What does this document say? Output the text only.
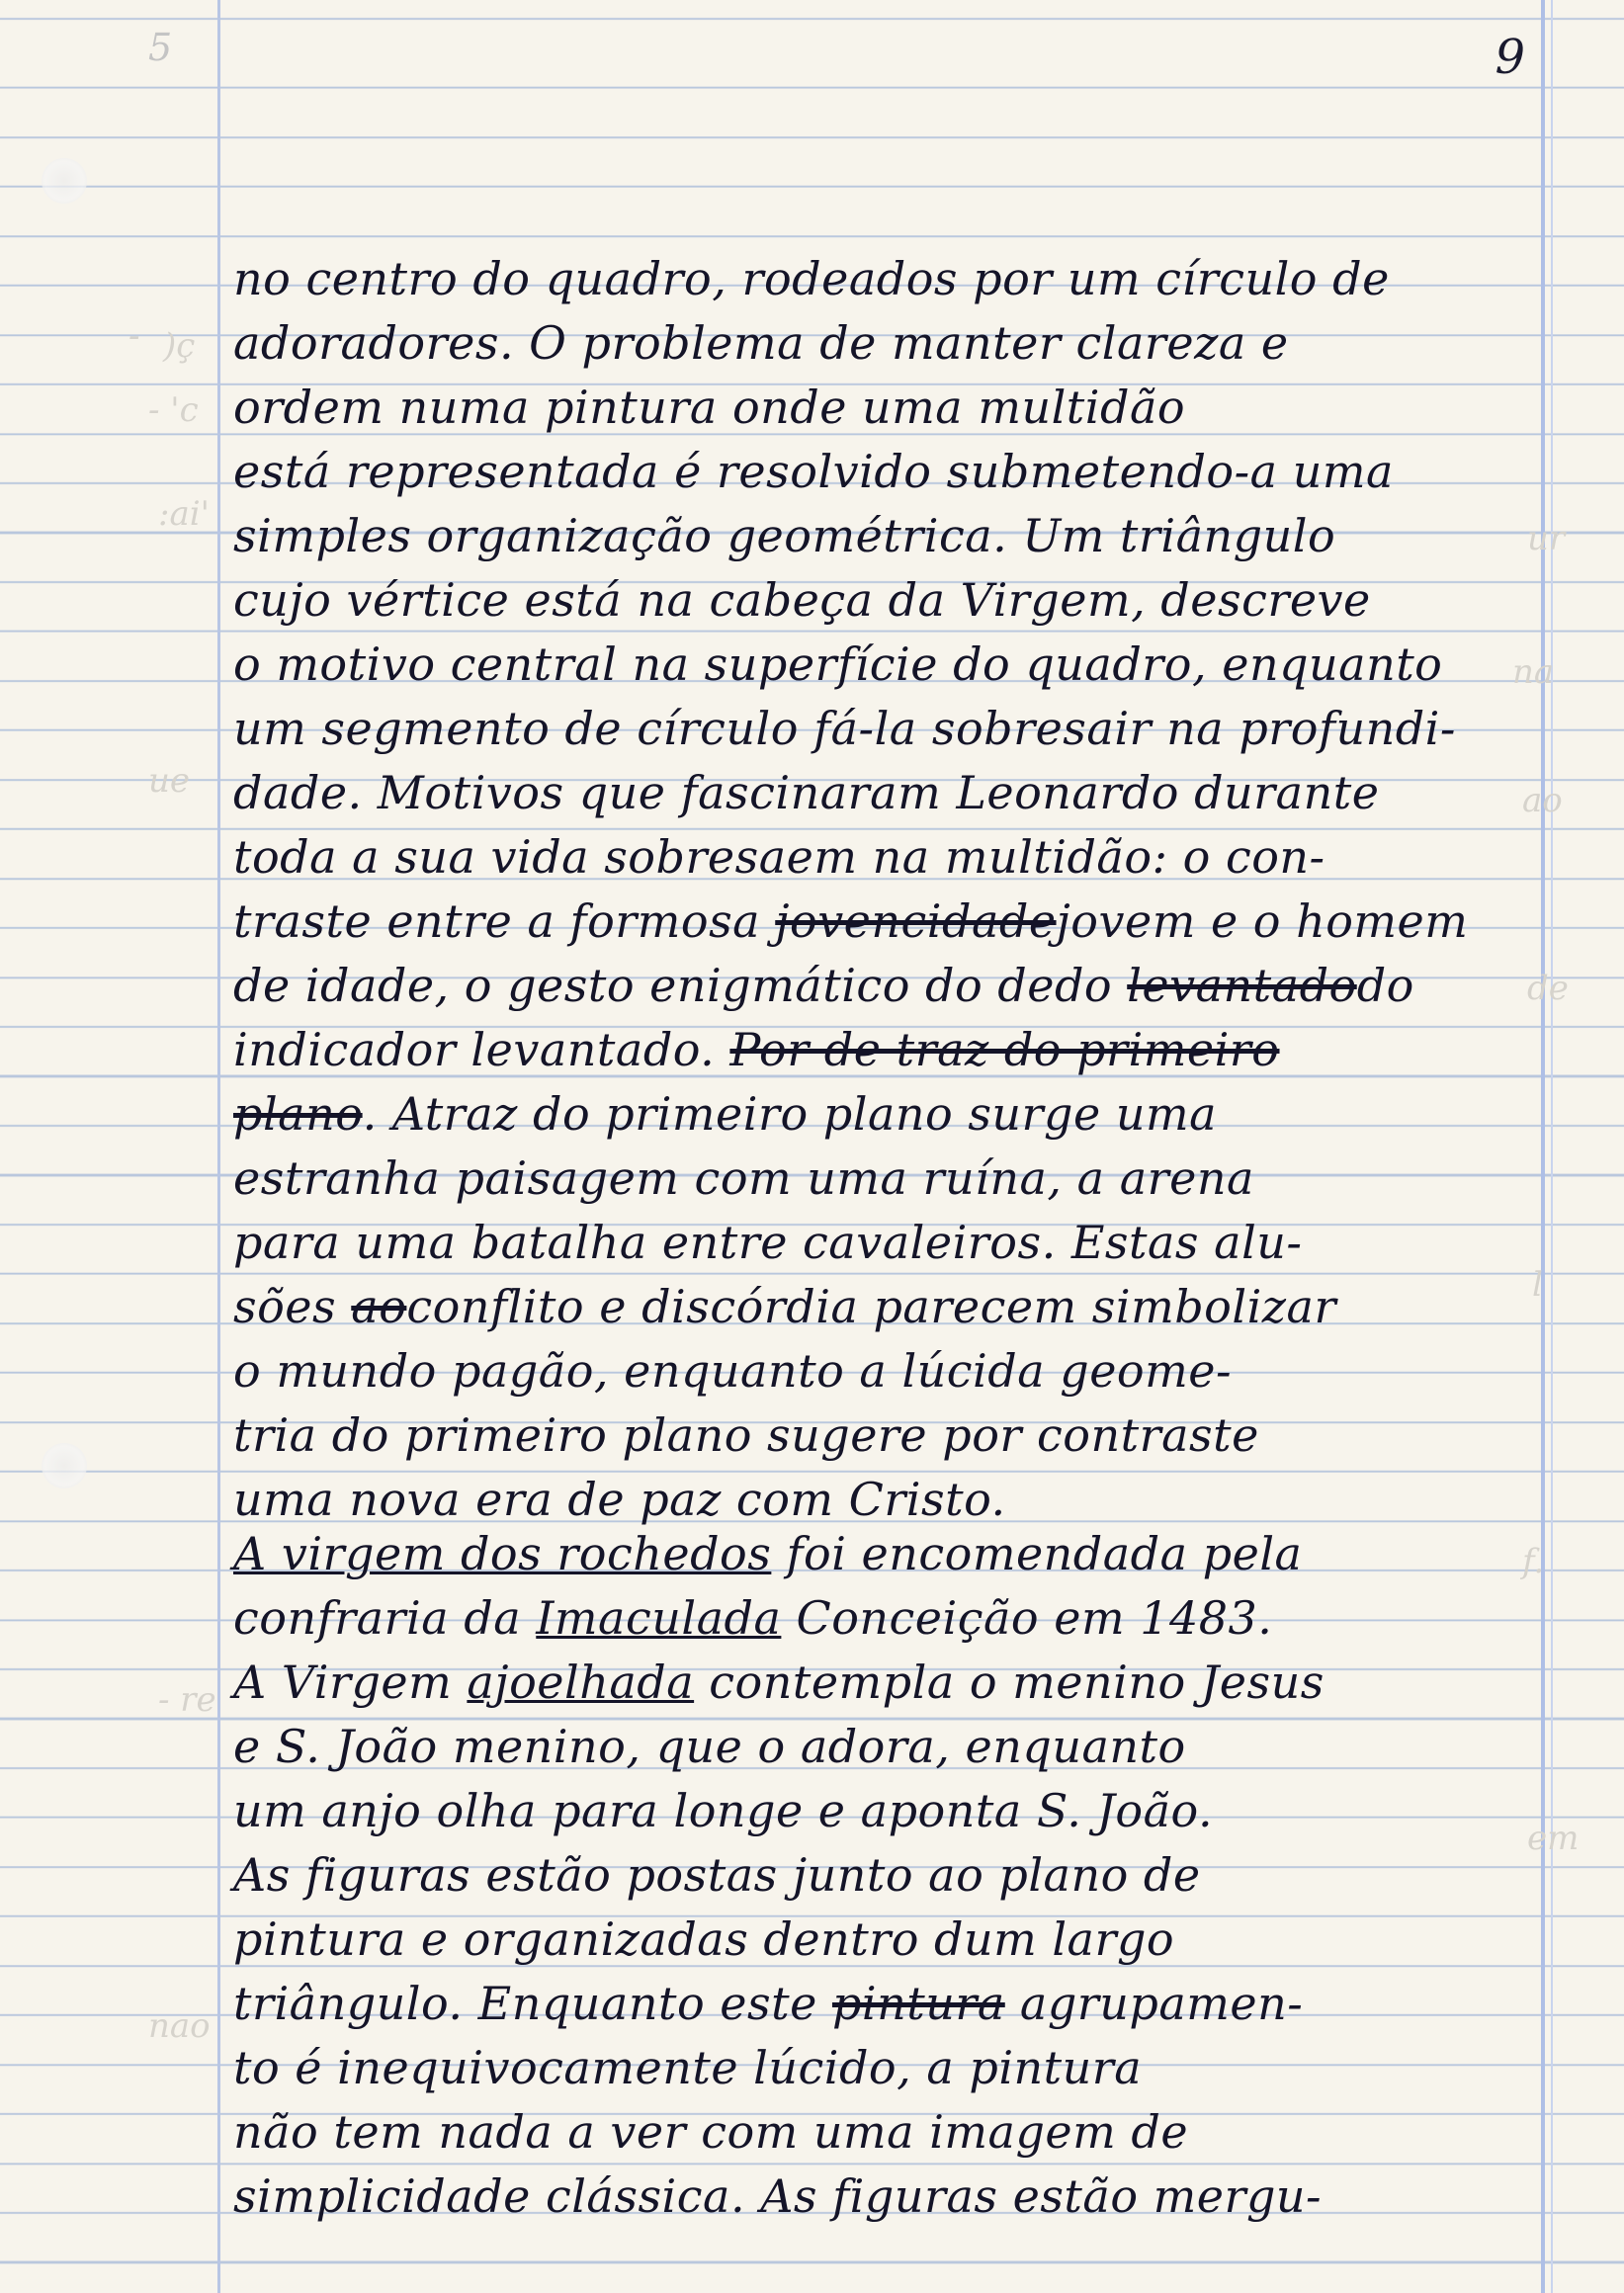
5	9
- )ç
- 'c
:ai'
ue
- re
nao
ur
na
ao
de
l
f.
em
no centro do quadro, rodeados por um círculo de
adoradores. O problema de manter clareza e
ordem numa pintura onde uma multidão
está representada é resolvido submetendo-a uma
simples organização geométrica. Um triângulo
cujo vértice está na cabeça da Virgem, descreve
o motivo central na superfície do quadro, enquanto
um segmento de círculo fá-la sobresair na profundi-
dade. Motivos que fascinaram Leonardo durante
toda a sua vida sobresaem na multidão: o con-
traste entre a formosa jovencidadejovem e o homem
de idade, o gesto enigmático do dedo levantadodo
indicador levantado. Por de traz do primeiro
plano. Atraz do primeiro plano surge uma
estranha paisagem com uma ruína, a arena
para uma batalha entre cavaleiros. Estas alu-
sões aoconflito e discórdia parecem simbolizar
o mundo pagão, enquanto a lúcida geome-
tria do primeiro plano sugere por contraste
uma nova era de paz com Cristo.
A virgem dos rochedos foi encomendada pela
confraria da Imaculada Conceição em 1483.
A Virgem ajoelhada contempla o menino Jesus
e S. João menino, que o adora, enquanto
um anjo olha para longe e aponta S. João.
As figuras estão postas junto ao plano de
pintura e organizadas dentro dum largo
triângulo. Enquanto este pintura agrupamen-
to é inequivocamente lúcido, a pintura
não tem nada a ver com uma imagem de
simplicidade clássica. As figuras estão mergu-
